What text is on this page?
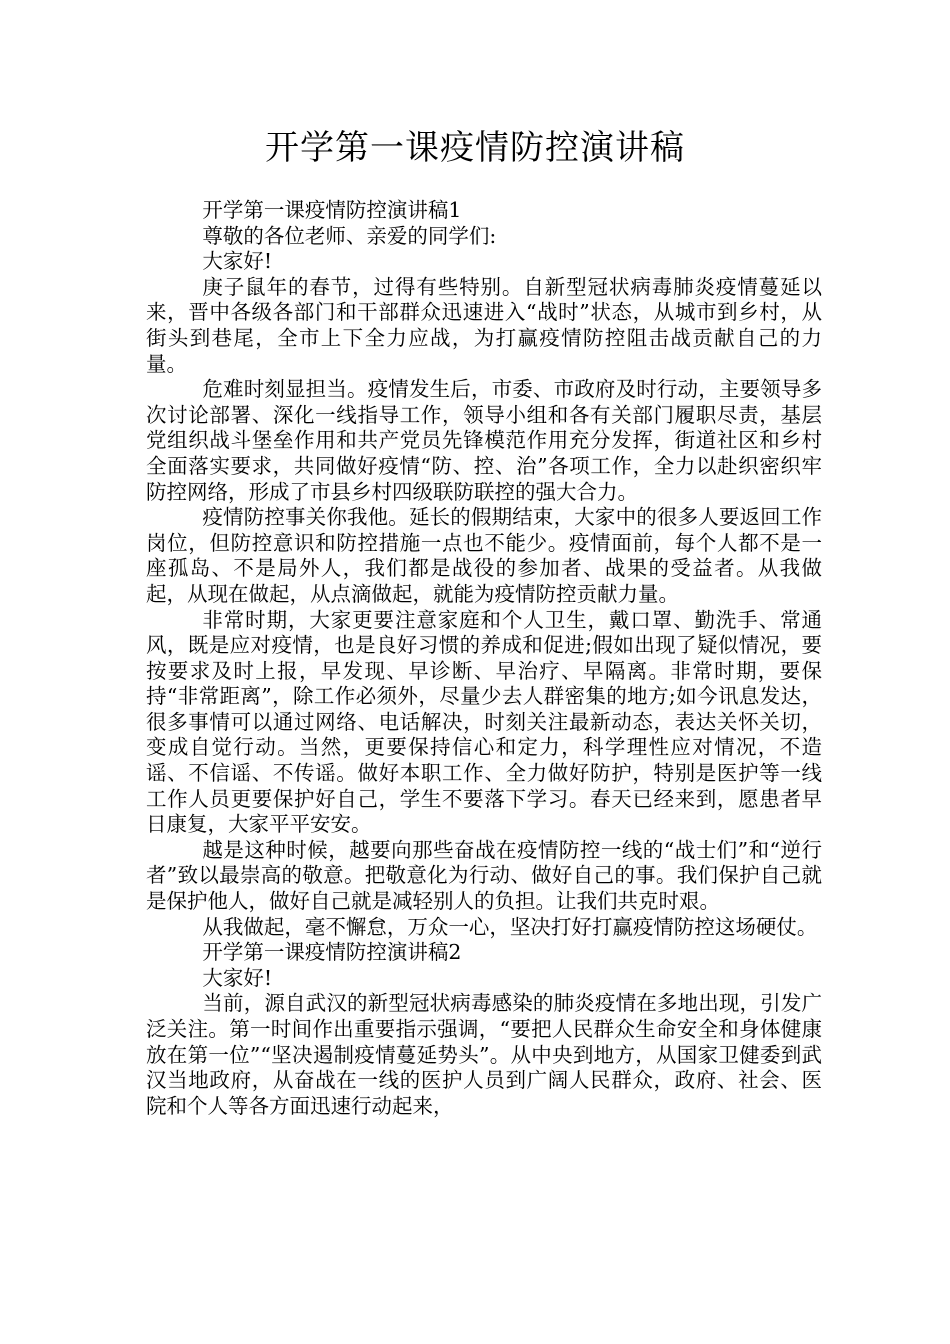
开学第一课疫情防控演讲稿

开学第一课疫情防控演讲稿1

尊敬的各位老师、亲爱的同学们:

大家好!

庚子鼠年的春节，过得有些特别。自新型冠状病毒肺炎疫情蔓延以来，晋中各级各部门和干部群众迅速进入“战时”状态，从城市到乡村，从街头到巷尾，全市上下全力应战，为打赢疫情防控阻击战贡献自己的力量。

危难时刻显担当。疫情发生后，市委、市政府及时行动，主要领导多次讨论部署、深化一线指导工作，领导小组和各有关部门履职尽责，基层党组织战斗堡垒作用和共产党员先锋模范作用充分发挥，街道社区和乡村全面落实要求，共同做好疫情“防、控、治”各项工作，全力以赴织密织牢防控网络，形成了市县乡村四级联防联控的强大合力。

疫情防控事关你我他。延长的假期结束，大家中的很多人要返回工作岗位，但防控意识和防控措施一点也不能少。疫情面前，每个人都不是一座孤岛、不是局外人，我们都是战役的参加者、战果的受益者。从我做起，从现在做起，从点滴做起，就能为疫情防控贡献力量。

非常时期，大家更要注意家庭和个人卫生，戴口罩、勤洗手、常通风，既是应对疫情，也是良好习惯的养成和促进;假如出现了疑似情况，要按要求及时上报，早发现、早诊断、早治疗、早隔离。非常时期，要保持“非常距离”，除工作必须外，尽量少去人群密集的地方;如今讯息发达，很多事情可以通过网络、电话解决，时刻关注最新动态，表达关怀关切，变成自觉行动。当然，更要保持信心和定力，科学理性应对情况，不造谣、不信谣、不传谣。做好本职工作、全力做好防护，特别是医护等一线工作人员更要保护好自己，学生不要落下学习。春天已经来到，愿患者早日康复，大家平平安安。

越是这种时候，越要向那些奋战在疫情防控一线的“战士们”和“逆行者”致以最崇高的敬意。把敬意化为行动、做好自己的事。我们保护自己就是保护他人，做好自己就是减轻别人的负担。让我们共克时艰。

从我做起，毫不懈怠，万众一心，坚决打好打赢疫情防控这场硬仗。

开学第一课疫情防控演讲稿2

大家好!

当前，源自武汉的新型冠状病毒感染的肺炎疫情在多地出现，引发广泛关注。第一时间作出重要指示强调，“要把人民群众生命安全和身体健康放在第一位”“坚决遏制疫情蔓延势头”。从中央到地方，从国家卫健委到武汉当地政府，从奋战在一线的医护人员到广阔人民群众，政府、社会、医院和个人等各方面迅速行动起来，
